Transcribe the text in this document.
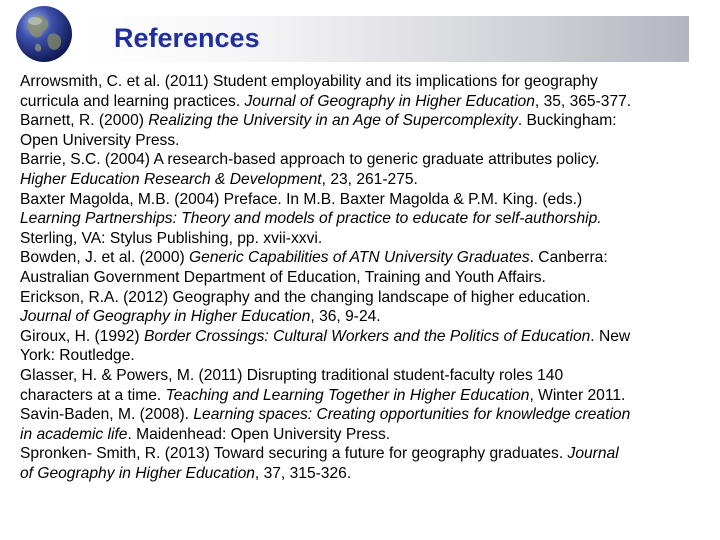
References

Arrowsmith, C. et al. (2011) Student employability and its implications for geography
curricula and learning practices. Journal of Geography in Higher Education, 35, 365-377.

Barnett, R. (2000) Realizing the University in an Age of Supercomplexity. Buckingham:
Open University Press.

Barrie, S.C. (2004) A research-based approach to generic graduate attributes policy.
Higher Education Research & Development, 23, 261-275.

Baxter Magolda, M.B. (2004) Preface. In M.B. Baxter Magolda & P.M. King. (eds.)
Learning Partnerships: Theory and models of practice to educate for self-authorship.
Sterling, VA: Stylus Publishing, pp. xvii-xxvi.

Bowden, J. et al. (2000) Generic Capabilities of ATN University Graduates. Canberra:
Australian Government Department of Education, Training and Youth Affairs.

Erickson, R.A. (2012) Geography and the changing landscape of higher education.
Journal of Geography in Higher Education, 36, 9-24.

Giroux, H. (1992) Border Crossings: Cultural Workers and the Politics of Education. New
York: Routledge.

Glasser, H. & Powers, M. (2011) Disrupting traditional student-faculty roles 140
characters at a time. Teaching and Learning Together in Higher Education, Winter 2011.

Savin-Baden, M. (2008). Learning spaces: Creating opportunities for knowledge creation
in academic life. Maidenhead: Open University Press.

Spronken- Smith, R. (2013) Toward securing a future for geography graduates. Journal
of Geography in Higher Education, 37, 315-326.
